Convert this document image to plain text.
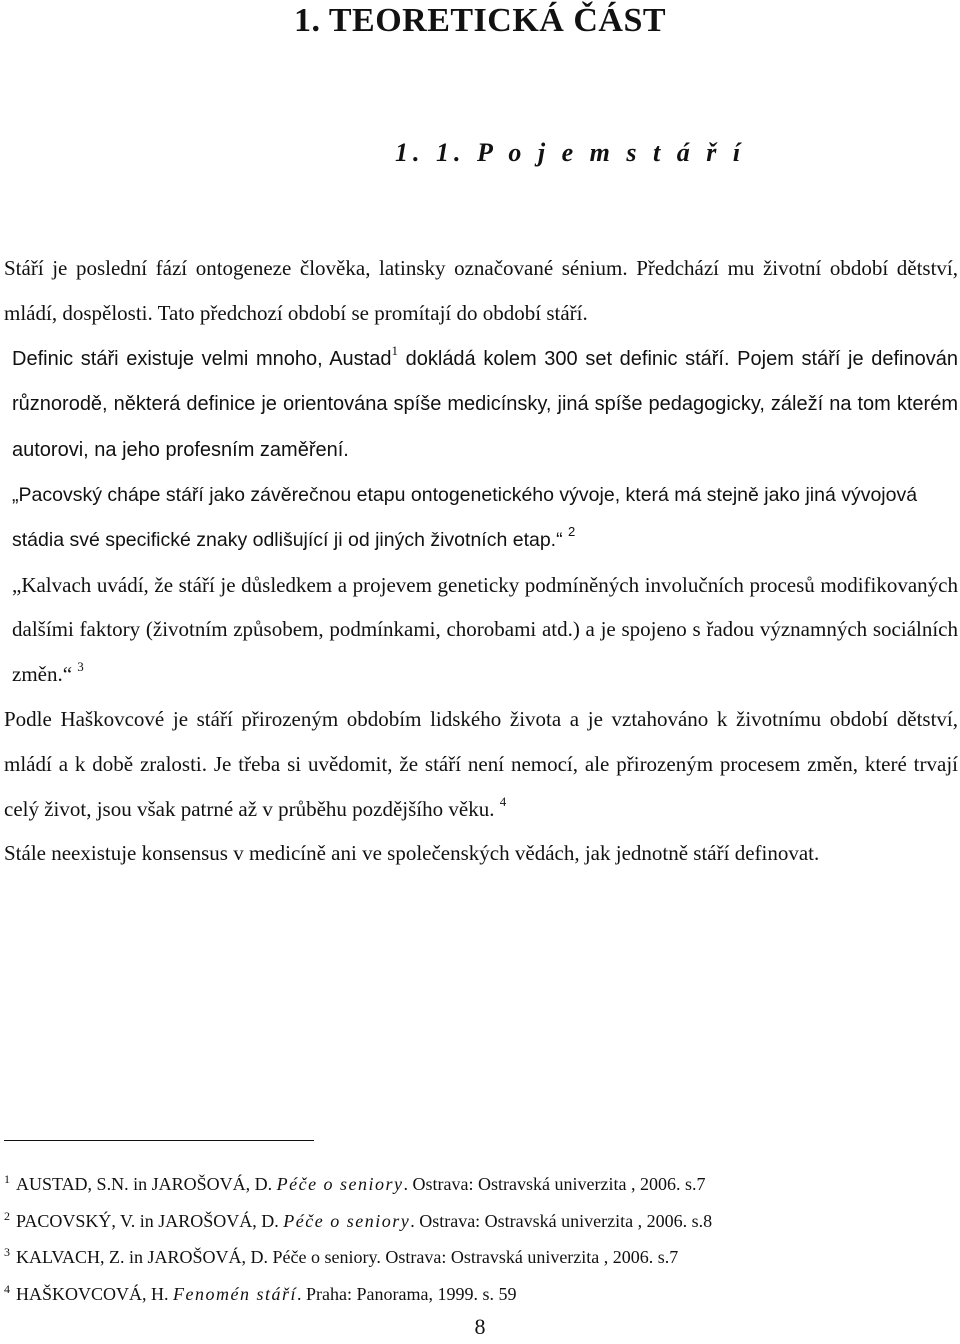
1. TEORETICKÁ ČÁST
1. 1. P o j e m s t á ř í

Stáří je poslední fází ontogeneze člověka, latinsky označované sénium. Předchází mu životní období dětství, mládí, dospělosti. Tato předchozí období se promítají do období stáří.

Definic stáři existuje velmi mnoho, Austad$^1$ dokládá kolem 300 set definic stáří. Pojem stáří je definován různorodě, některá definice je orientována spíše medicínsky, jiná spíše pedagogicky, záleží na tom kterém autorovi, na jeho profesním zaměření.

„Pacovský chápe stáří jako závěrečnou etapu ontogenetického vývoje, která má stejně jako jiná vývojová stádia své specifické znaky odlišující ji od jiných životních etap.“ $^2$

„Kalvach uvádí, že stáří je důsledkem a projevem geneticky podmíněných involučních procesů modifikovaných dalšími faktory (životním způsobem, podmínkami, chorobami atd.) a je spojeno s řadou významných sociálních změn.“ $^3$

Podle Haškovcové je stáří přirozeným obdobím lidského života a je vztahováno k životnímu období dětství, mládí a k době zralosti. Je třeba si uvědomit, že stáří není nemocí, ale přirozeným procesem změn, které trvají celý život, jsou však patrné až v průběhu pozdějšího věku. $^4$

Stále neexistuje konsensus v medicíně ani ve společenských vědách, jak jednotně stáří definovat.

$^1$ AUSTAD, S.N. in JAROŠOVÁ, D. Péče o seniory. Ostrava: Ostravská univerzita , 2006. s.7

$^2$ PACOVSKÝ, V. in JAROŠOVÁ, D. Péče o seniory. Ostrava: Ostravská univerzita , 2006. s.8

$^3$ KALVACH, Z. in JAROŠOVÁ, D. Péče o seniory. Ostrava: Ostravská univerzita , 2006. s.7

$^4$ HAŠKOVCOVÁ, H. Fenomén stáří. Praha: Panorama, 1999. s. 59

8
